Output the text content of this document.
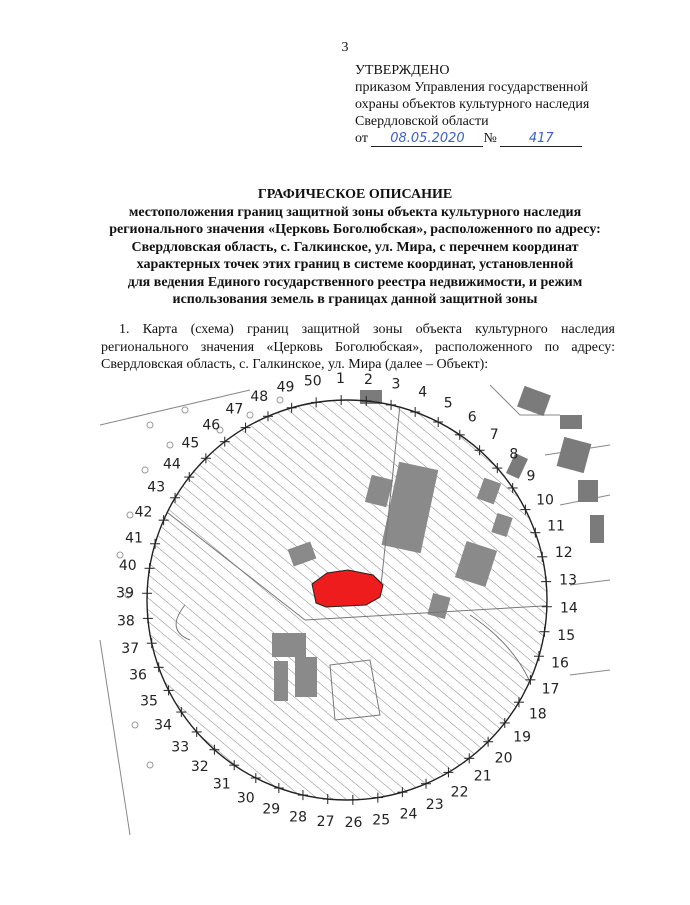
3
УТВЕРЖДЕНО
приказом Управления государственной
охраны объектов культурного наследия
Свердловской области
от 08.05.2020 № 417
ГРАФИЧЕСКОЕ ОПИСАНИЕ
местоположения границ защитной зоны объекта культурного наследия
регионального значения «Церковь Боголюбская», расположенного по адресу:
Свердловская область, с. Галкинское, ул. Мира, с перечнем координат
характерных точек этих границ в системе координат, установленной
для ведения Единого государственного реестра недвижимости, и режим
использования земель в границах данной защитной зоны
1. Карта (схема) границ защитной зоны объекта культурного наследия регионального значения «Церковь Боголюбская», расположенного по адресу: Свердловская область, с. Галкинское, ул. Мира (далее – Объект):
1 2 3 4
5
6
7
8
9
10
11
12
13
14
15
16
17
18
19
20
21
22
23
24
25
26
27
28
29
30
31
32
33
34
35
36
37
38
39
40
41
42
43
44
45
46
47
48
49 50
